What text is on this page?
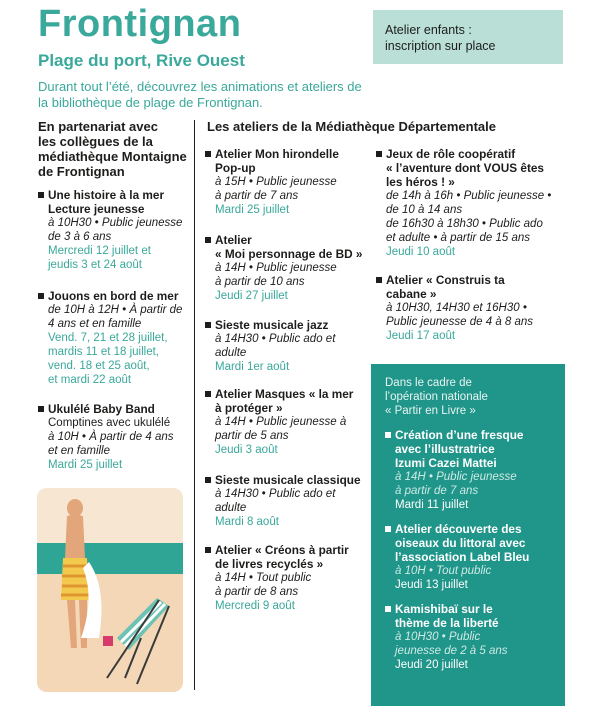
Frontignan
Plage du port, Rive Ouest
Durant tout l’été, découvrez les animations et ateliers de
la bibliothèque de plage de Frontignan.
Atelier enfants :
inscription sur place
En partenariat avec
les collègues de la
médiathèque Montaigne
de Frontignan
Une histoire à la mer
Lecture jeunesse
à 10H30 • Public jeunesse
de 3 à 6 ans
Mercredi 12 juillet et
jeudis 3 et 24 août
Jouons en bord de mer
de 10H à 12H • À partir de
4 ans et en famille
Vend. 7, 21 et 28 juillet,
mardis 11 et 18 juillet,
vend. 18 et 25 août,
et mardi 22 août
Ukulélé Baby Band
Comptines avec ukulélé
à 10H • À partir de 4 ans
et en famille
Mardi 25 juillet
Les ateliers de la Médiathèque Départementale
Atelier Mon hirondelle
Pop-up
à 15H • Public jeunesse
à partir de 7 ans
Mardi 25 juillet
Atelier
« Moi personnage de BD »
à 14H • Public jeunesse
à partir de 10 ans
Jeudi 27 juillet
Sieste musicale jazz
à 14H30 • Public ado et
adulte
Mardi 1er août
Atelier Masques « la mer
à protéger »
à 14H • Public jeunesse à
partir de 5 ans
Jeudi 3 août
Sieste musicale classique
à 14H30 • Public ado et
adulte
Mardi 8 août
Atelier « Créons à partir
de livres recyclés »
à 14H • Tout public
à partir de 8 ans
Mercredi 9 août
Jeux de rôle coopératif
« l’aventure dont VOUS êtes
les héros ! »
de 14h à 16h • Public jeunesse •
de 10 à 14 ans
de 16h30 à 18h30 • Public ado
et adulte • à partir de 15 ans
Jeudi 10 août
Atelier « Construis ta
cabane »
à 10H30, 14H30 et 16H30 •
Public jeunesse de 4 à 8 ans
Jeudi 17 août
Dans le cadre de
l’opération nationale
« Partir en Livre »
Création d’une fresque
avec l’illustratrice
Izumi Cazei Mattei
à 14H • Public jeunesse
à partir de 7 ans
Mardi 11 juillet
Atelier découverte des
oiseaux du littoral avec
l’association Label Bleu
à 10H • Tout public
Jeudi 13 juillet
Kamishibaï sur le
thème de la liberté
à 10H30 • Public
jeunesse de 2 à 5 ans
Jeudi 20 juillet
